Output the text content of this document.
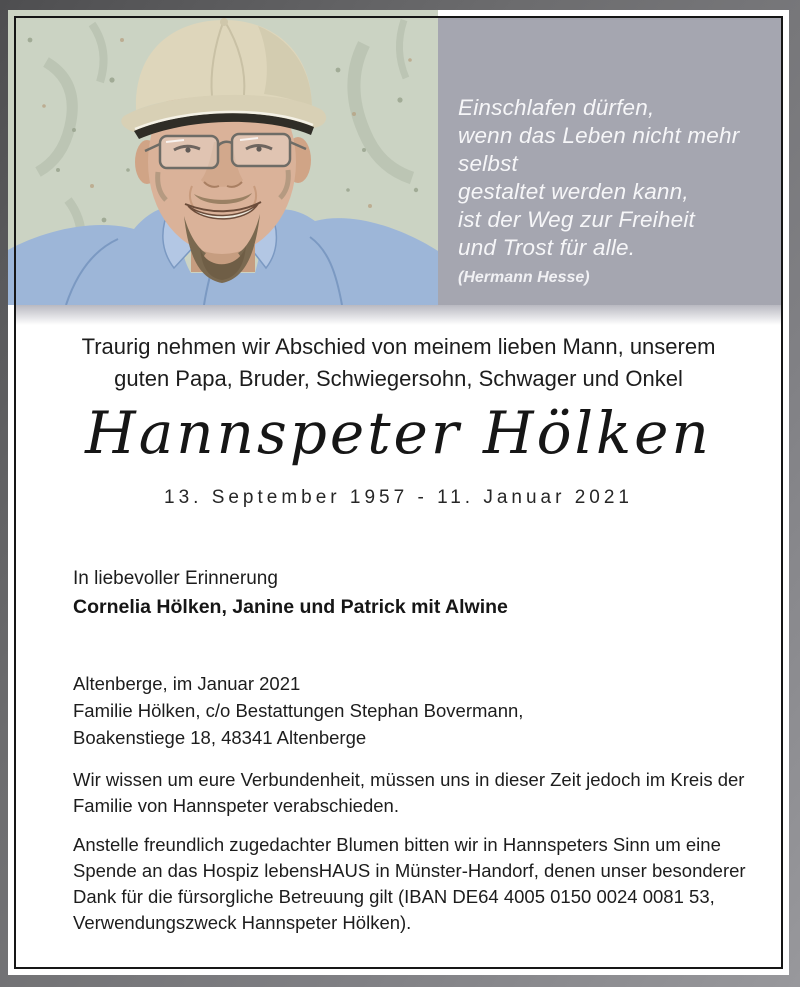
Einschlafen dürfen,
wenn das Leben nicht mehr selbst
gestaltet werden kann,
ist der Weg zur Freiheit
und Trost für alle.
(Hermann Hesse)
Traurig nehmen wir Abschied von meinem lieben Mann, unserem
guten Papa, Bruder, Schwiegersohn, Schwager und Onkel
Hannspeter Hölken
13. September 1957 - 11. Januar 2021
In liebevoller Erinnerung
Cornelia Hölken, Janine und Patrick mit Alwine
Altenberge, im Januar 2021
Familie Hölken, c/o Bestattungen Stephan Bovermann,
Boakenstiege 18, 48341 Altenberge
Wir wissen um eure Verbundenheit, müssen uns in dieser Zeit jedoch im Kreis der Familie von Hannspeter verabschieden.
Anstelle freundlich zugedachter Blumen bitten wir in Hannspeters Sinn um eine Spende an das Hospiz lebensHAUS in Münster-Handorf, denen unser besonderer Dank für die fürsorgliche Betreuung gilt (IBAN DE64 4005 0150 0024 0081 53, Verwendungszweck Hannspeter Hölken).
